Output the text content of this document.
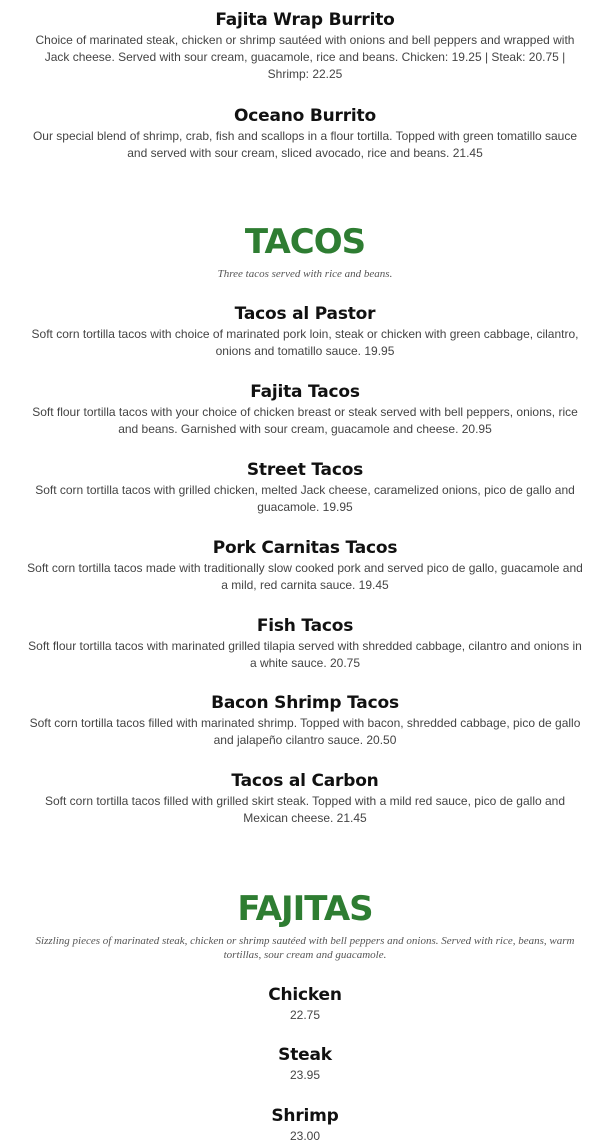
Fajita Wrap Burrito

Choice of marinated steak, chicken or shrimp sautéed with onions and bell peppers and wrapped with Jack cheese. Served with sour cream, guacamole, rice and beans. Chicken: 19.25 | Steak: 20.75 | Shrimp: 22.25

Oceano Burrito

Our special blend of shrimp, crab, fish and scallops in a flour tortilla. Topped with green tomatillo sauce and served with sour cream, sliced avocado, rice and beans. 21.45

TACOS

Three tacos served with rice and beans.

Tacos al Pastor

Soft corn tortilla tacos with choice of marinated pork loin, steak or chicken with green cabbage, cilantro, onions and tomatillo sauce. 19.95

Fajita Tacos

Soft flour tortilla tacos with your choice of chicken breast or steak served with bell peppers, onions, rice and beans. Garnished with sour cream, guacamole and cheese. 20.95

Street Tacos

Soft corn tortilla tacos with grilled chicken, melted Jack cheese, caramelized onions, pico de gallo and guacamole. 19.95

Pork Carnitas Tacos

Soft corn tortilla tacos made with traditionally slow cooked pork and served pico de gallo, guacamole and a mild, red carnita sauce. 19.45

Fish Tacos

Soft flour tortilla tacos with marinated grilled tilapia served with shredded cabbage, cilantro and onions in a white sauce. 20.75

Bacon Shrimp Tacos

Soft corn tortilla tacos filled with marinated shrimp. Topped with bacon, shredded cabbage, pico de gallo and jalapeño cilantro sauce. 20.50

Tacos al Carbon

Soft corn tortilla tacos filled with grilled skirt steak. Topped with a mild red sauce, pico de gallo and Mexican cheese. 21.45

FAJITAS

Sizzling pieces of marinated steak, chicken or shrimp sautéed with bell peppers and onions. Served with rice, beans, warm tortillas, sour cream and guacamole.

Chicken

22.75

Steak

23.95

Shrimp

23.00
